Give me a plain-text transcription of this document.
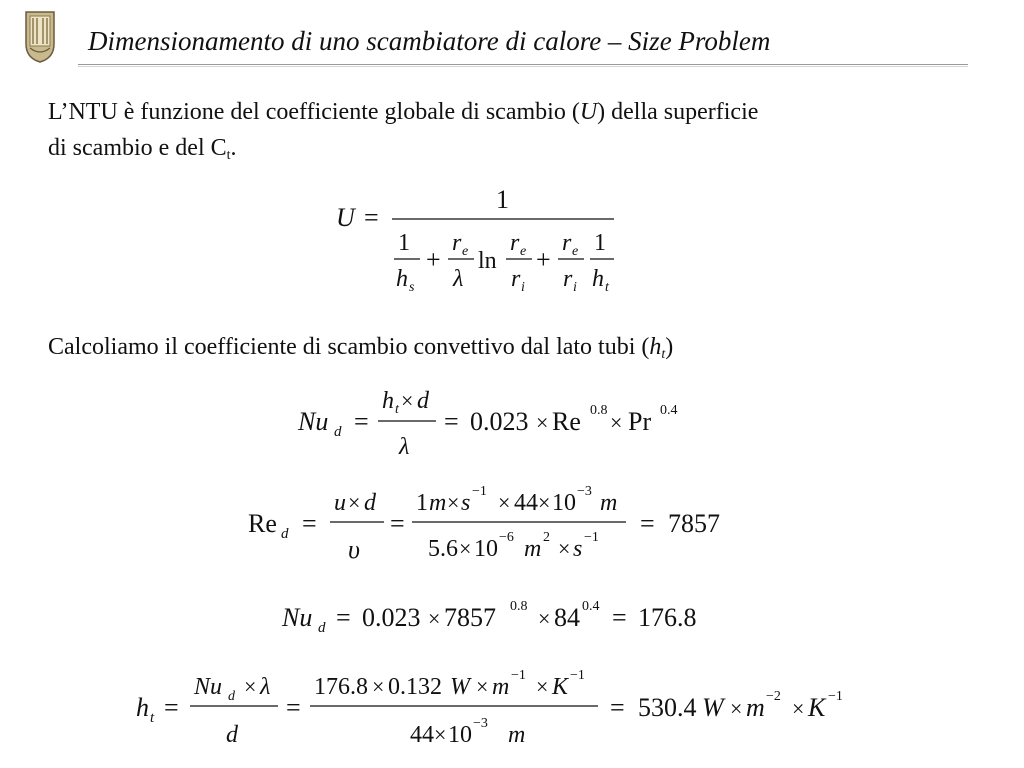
Dimensionamento di uno scambiatore di calore – Size Problem
L’NTU è funzione del coefficiente globale di scambio (U) della superficie
di scambio e del $C_t$.
U =
1
1
h s
+
r e
λ
ln
r e
r i
+
r e
r i
1
h t
Calcoliamo il coefficiente di scambio convettivo dal lato tubi $(h_t)$
Nu d =
h t × d
λ
= 0.023 × Re 0.8 × Pr 0.4
Re d =
u × d
υ
=
1 m × s −1 × 44 × 10 −3 m
5.6 × 10 −6 m 2 × s −1 = 7857
Nu d = 0.023 × 7857 0.8 × 84 0.4 = 176.8
h t =
Nu d × λ
d
=
176.8 × 0.132 W × m −1 × K −1
44 × 10 −3 m
= 530.4 W × m −2 × K −1
